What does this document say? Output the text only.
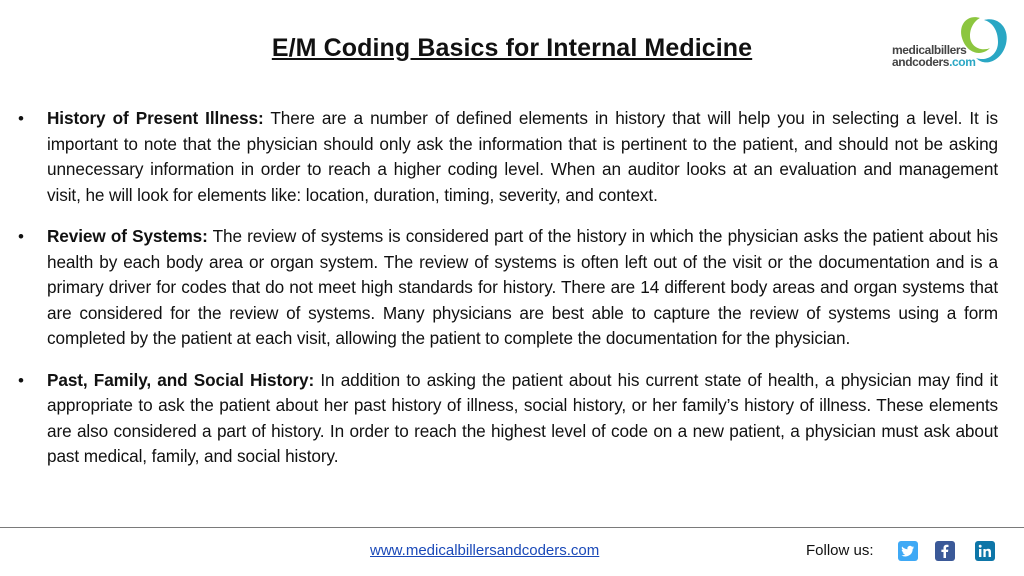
E/M Coding Basics for Internal Medicine	medicalbillers
andcoders.com
• History of Present Illness: There are a number of defined elements in history that will help you in selecting a level. It is important to note that the physician should only ask the information that is pertinent to the patient, and should not be asking unnecessary information in order to reach a higher coding level. When an auditor looks at an evaluation and management visit, he will look for elements like: location, duration, timing, severity, and context.

• Review of Systems: The review of systems is considered part of the history in which the physician asks the patient about his health by each body area or organ system. The review of systems is often left out of the visit or the documentation and is a primary driver for codes that do not meet high standards for history. There are 14 different body areas and organ systems that are considered for the review of systems. Many physicians are best able to capture the review of systems using a form completed by the patient at each visit, allowing the patient to complete the documentation for the physician.

• Past, Family, and Social History: In addition to asking the patient about his current state of health, a physician may find it appropriate to ask the patient about her past history of illness, social history, or her family’s history of illness. These elements are also considered a part of history. In order to reach the highest level of code on a new patient, a physician must ask about past medical, family, and social history.

www.medicalbillersandcoders.com	Follow us:
